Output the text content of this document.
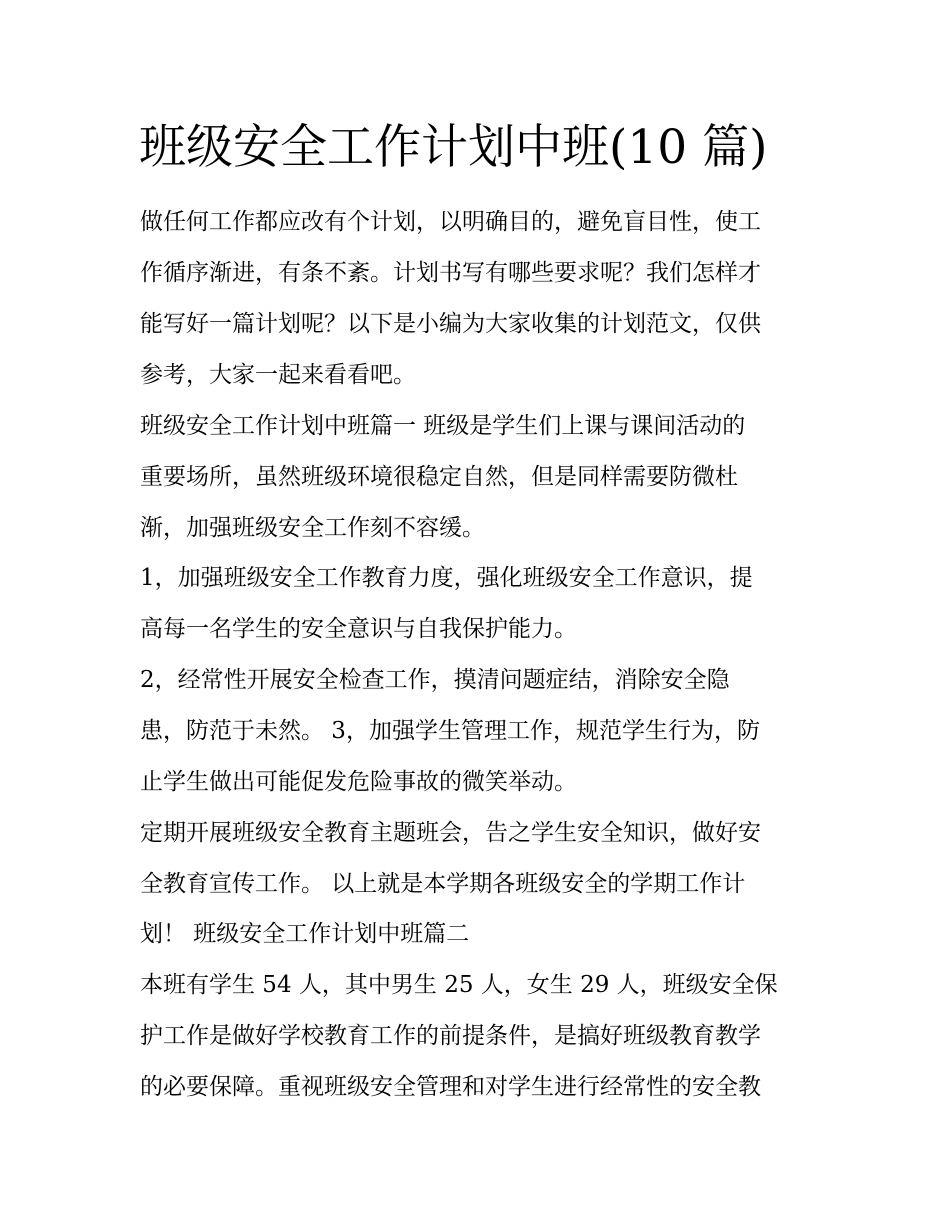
班级安全工作计划中班(10 篇)

做任何工作都应改有个计划，以明确目的，避免盲目性，使工

作循序渐进，有条不紊。计划书写有哪些要求呢？我们怎样才

能写好一篇计划呢？以下是小编为大家收集的计划范文，仅供

参考，大家一起来看看吧。

班级安全工作计划中班篇一 班级是学生们上课与课间活动的

重要场所，虽然班级环境很稳定自然，但是同样需要防微杜

渐，加强班级安全工作刻不容缓。

1，加强班级安全工作教育力度，强化班级安全工作意识，提

高每一名学生的安全意识与自我保护能力。

2，经常性开展安全检查工作，摸清问题症结，消除安全隐

患，防范于未然。 3，加强学生管理工作，规范学生行为，防

止学生做出可能促发危险事故的微笑举动。

定期开展班级安全教育主题班会，告之学生安全知识，做好安

全教育宣传工作。 以上就是本学期各班级安全的学期工作计

划！ 班级安全工作计划中班篇二

本班有学生 54 人，其中男生 25 人，女生 29 人，班级安全保

护工作是做好学校教育工作的前提条件，是搞好班级教育教学

的必要保障。重视班级安全管理和对学生进行经常性的安全教
